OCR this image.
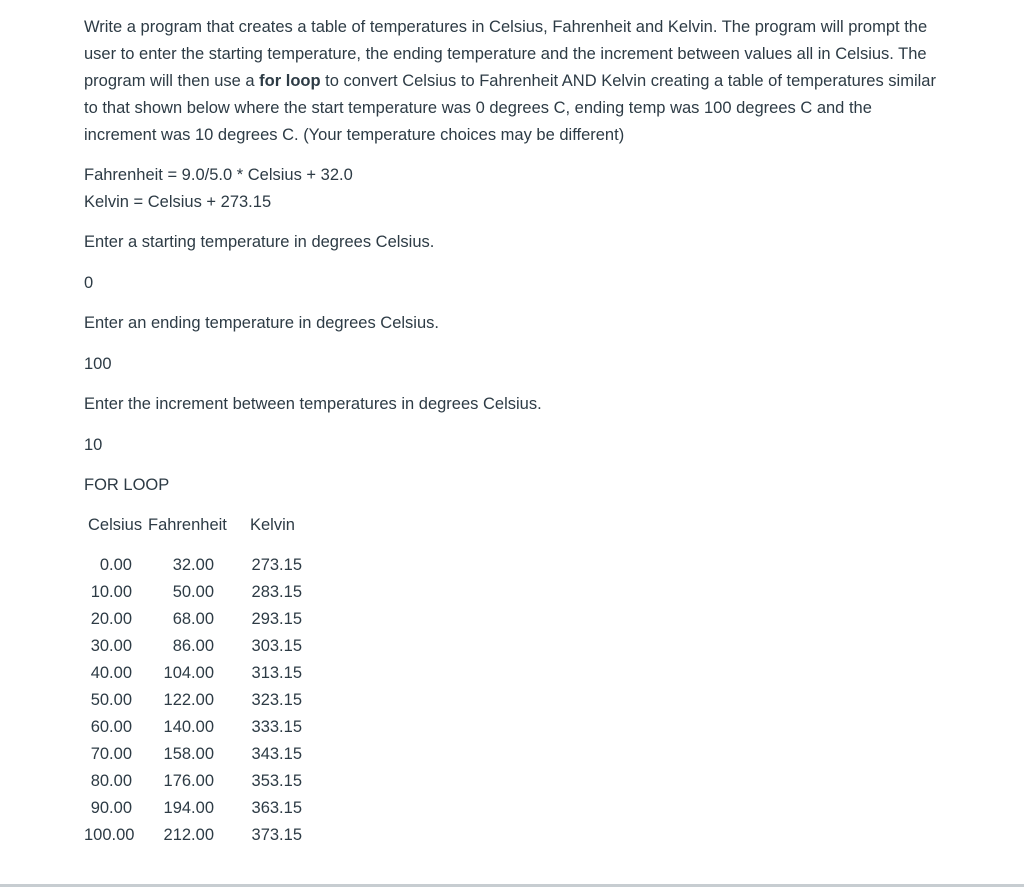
Write a program that creates a table of temperatures in Celsius, Fahrenheit and Kelvin. The program will prompt the user to enter the starting temperature, the ending temperature and the increment between values all in Celsius. The program will then use a for loop to convert Celsius to Fahrenheit AND Kelvin creating a table of temperatures similar to that shown below where the start temperature was 0 degrees C, ending temp was 100 degrees C and the increment was 10 degrees C. (Your temperature choices may be different)

Fahrenheit = 9.0/5.0 * Celsius + 32.0
Kelvin = Celsius + 273.15
Enter a starting temperature in degrees Celsius.
0
Enter an ending temperature in degrees Celsius.
100
Enter the increment between temperatures in degrees Celsius.
10
FOR LOOP
Celsius Fahrenheit Kelvin
0.00	32.00	273.15
10.00	50.00	283.15
20.00	68.00	293.15
30.00	86.00	303.15
40.00	104.00	313.15
50.00	122.00	323.15
60.00	140.00	333.15
70.00	158.00	343.15
80.00	176.00	353.15
90.00	194.00	363.15
100.00	212.00	373.15
